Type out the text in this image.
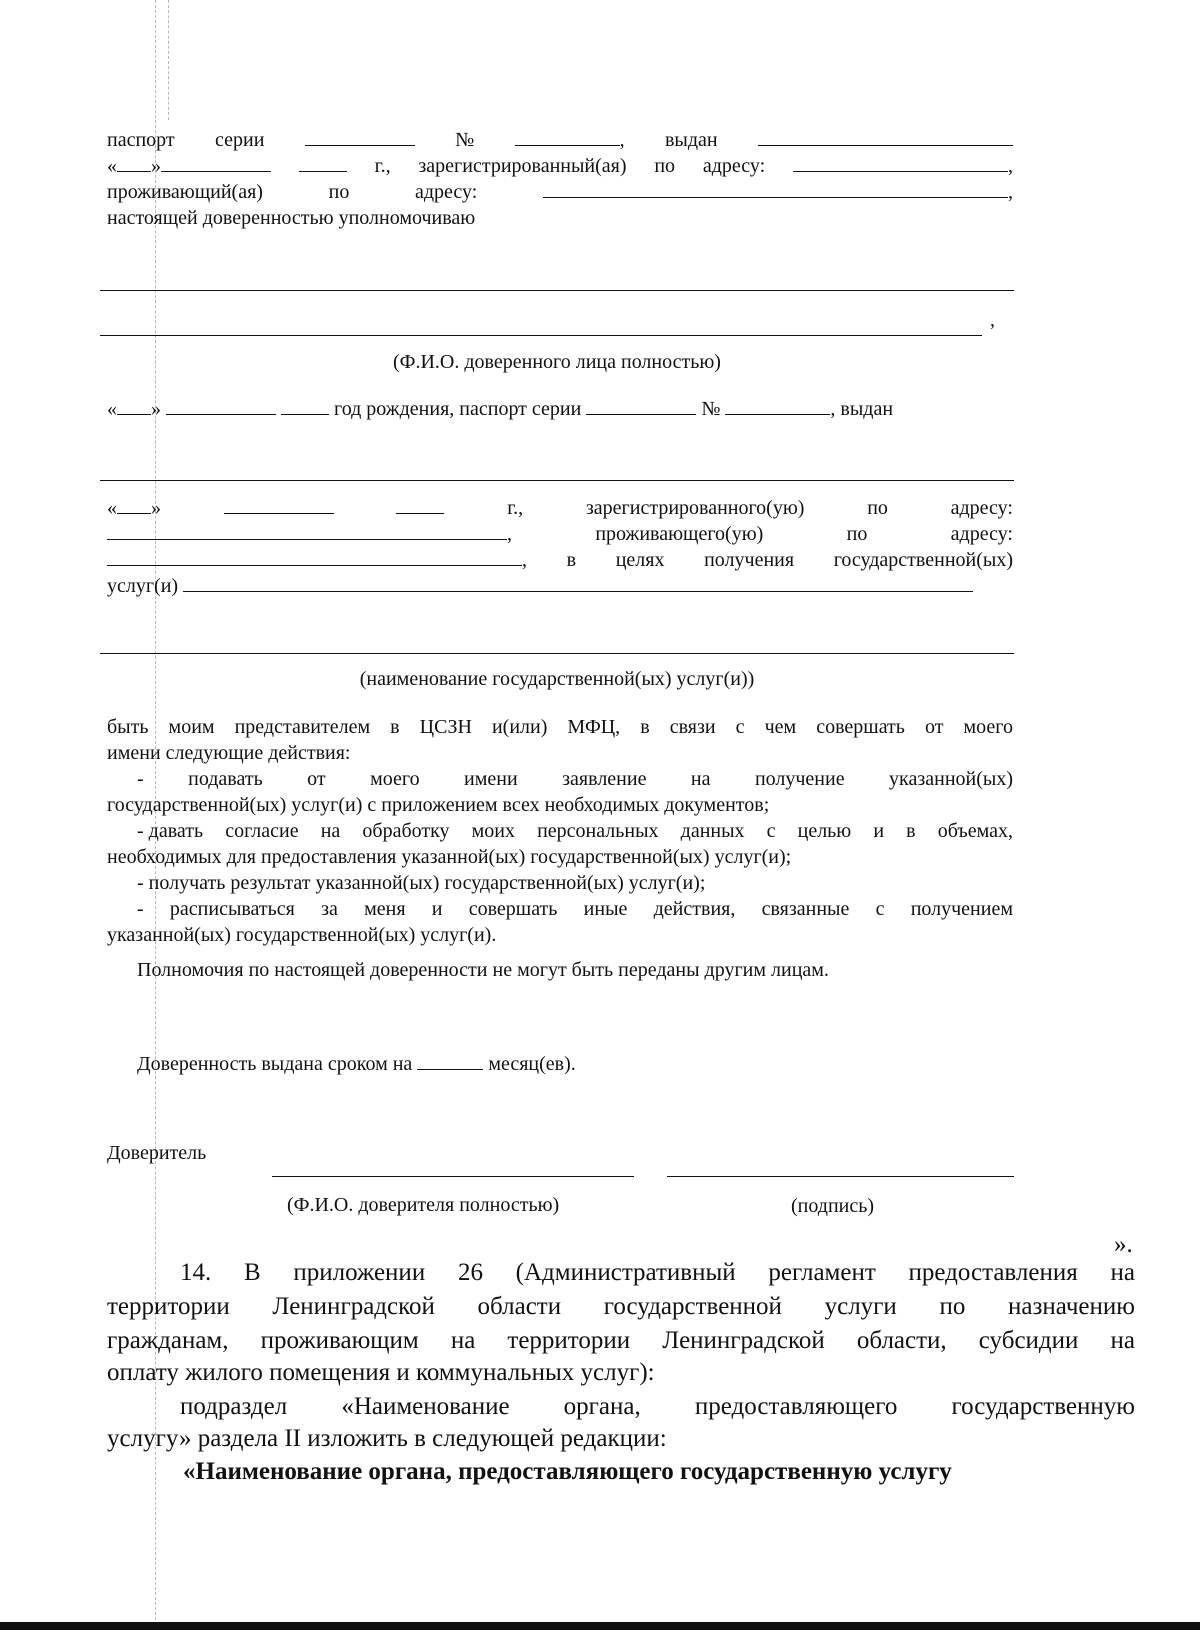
паспорт серии	№	, выдан
« »	г., зарегистрированный(ая) по адресу:	,
проживающий(ая)	по	адресу:	,
настоящей доверенностью уполномочиваю
,
(Ф.И.О. доверенного лица полностью)
« »	год рождения, паспорт серии	№	, выдан
« »	г.,	зарегистрированного(ую)	по	адресу:
,	проживающего(ую)	по	адресу:
, в целях получения государственной(ых)
услуг(и)
(наименование государственной(ых) услуг(и))
быть моим представителем в ЦСЗН и(или) МФЦ, в связи с чем совершать от моего
имени следующие действия:
- подавать от моего имени заявление на получение указанной(ых)
государственной(ых) услуг(и) с приложением всех необходимых документов;
- давать согласие на обработку моих персональных данных с целью и в объемах,
необходимых для предоставления указанной(ых) государственной(ых) услуг(и);
- получать результат указанной(ых) государственной(ых) услуг(и);
- расписываться за меня и совершать иные действия, связанные с получением
указанной(ых) государственной(ых) услуг(и).
Полномочия по настоящей доверенности не могут быть переданы другим лицам.
Доверенность выдана сроком на	месяц(ев).
Доверитель
(Ф.И.О. доверителя полностью)	(подпись)
».
14. В приложении 26 (Административный регламент предоставления на
территории Ленинградской области государственной услуги по назначению
гражданам, проживающим на территории Ленинградской области, субсидии на
оплату жилого помещения и коммунальных услуг):
подраздел «Наименование органа, предоставляющего государственную
услугу» раздела II изложить в следующей редакции:
«Наименование органа, предоставляющего государственную услугу
